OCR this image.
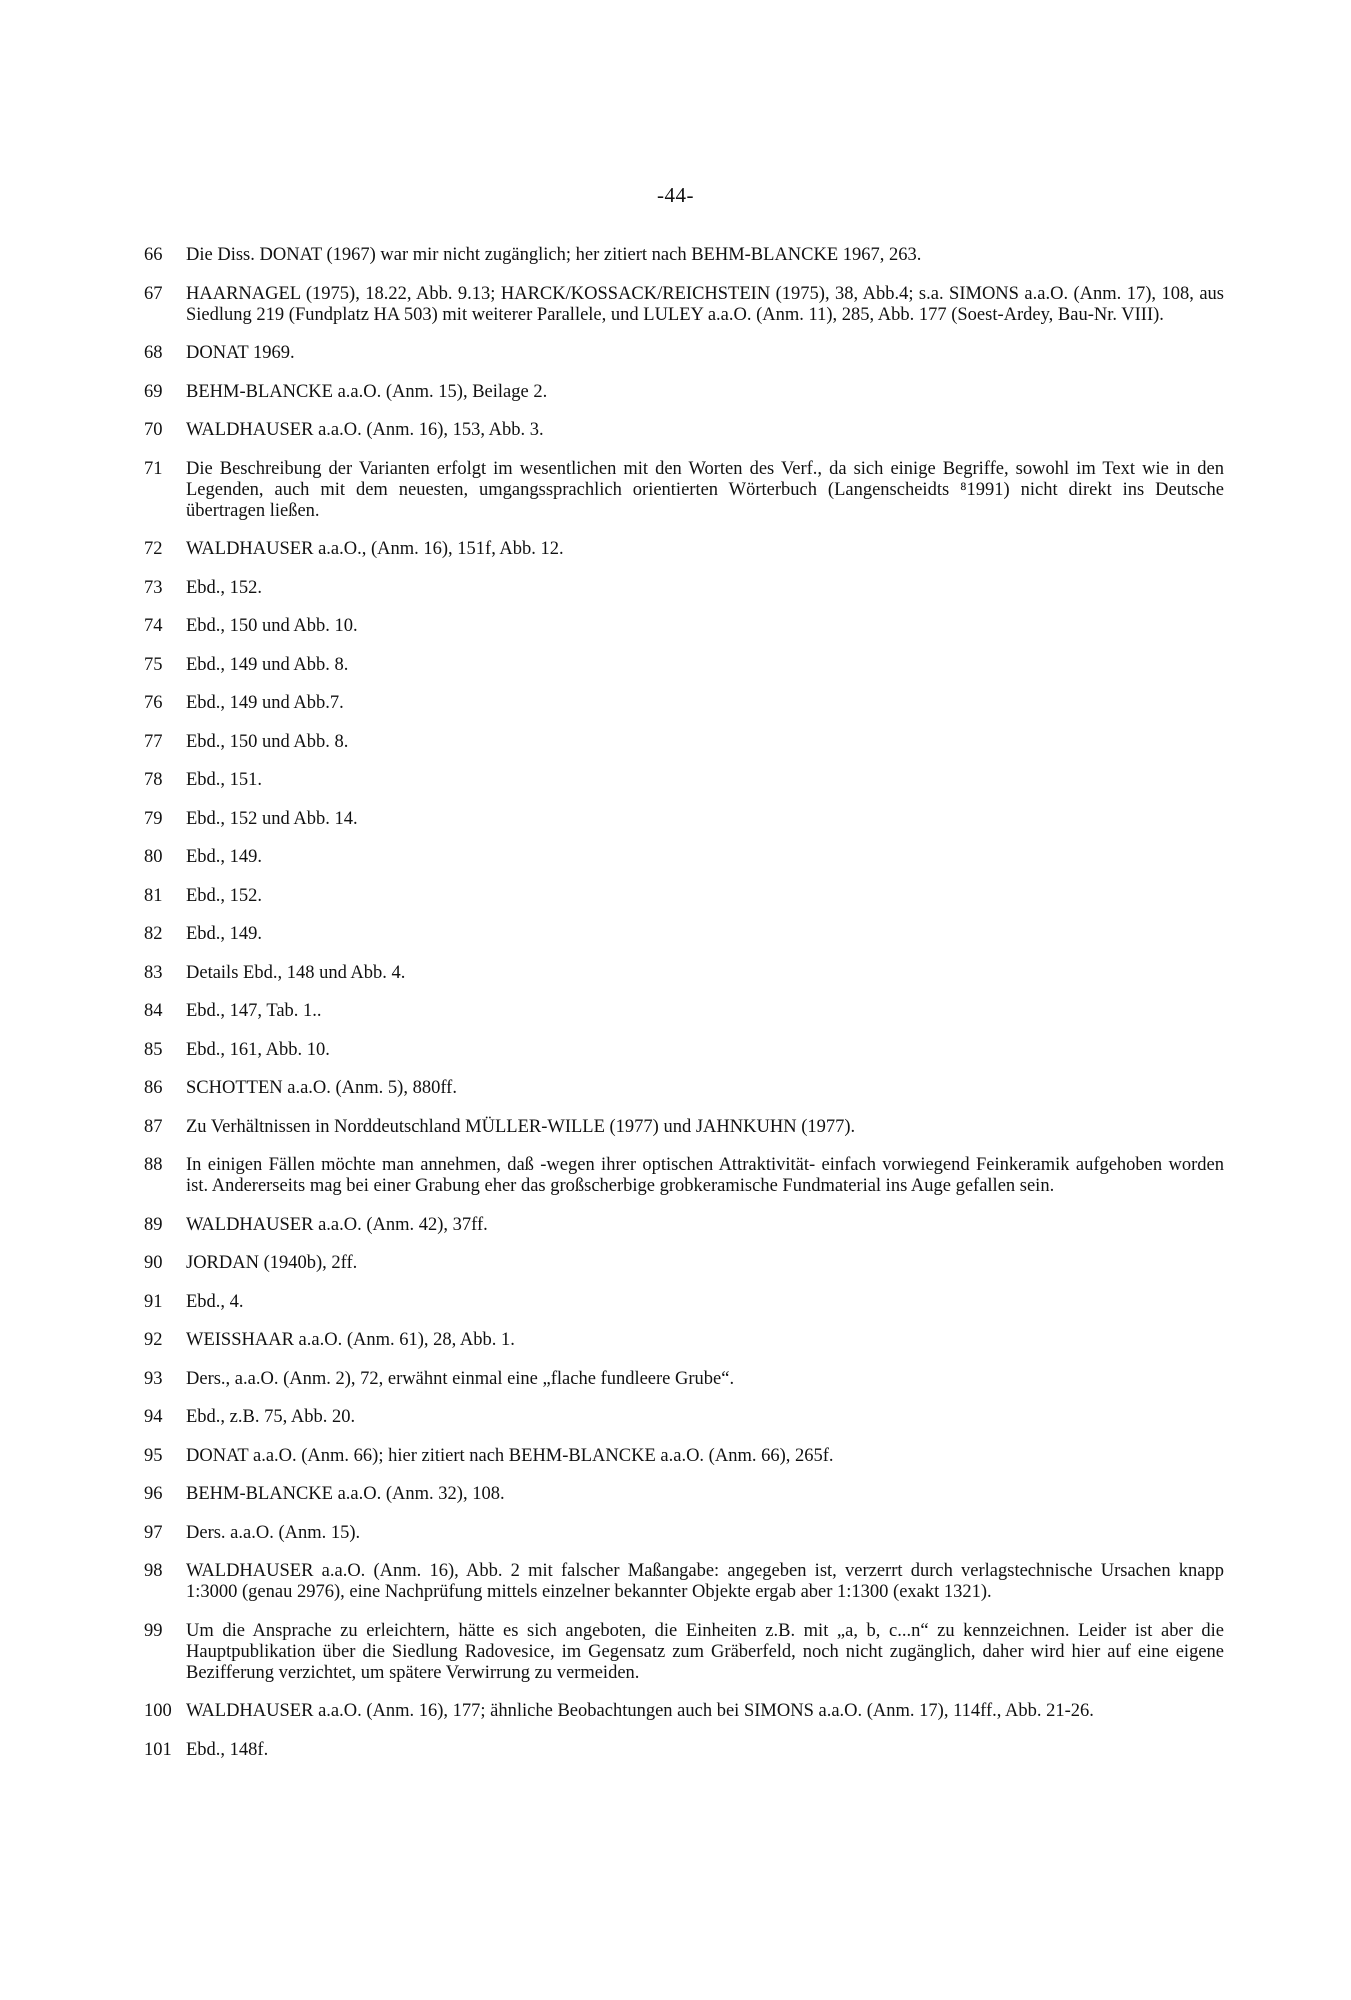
-44-
66 Die Diss. DONAT (1967) war mir nicht zugänglich; her zitiert nach BEHM-BLANCKE 1967, 263.
67 HAARNAGEL (1975), 18.22, Abb. 9.13; HARCK/KOSSACK/REICHSTEIN (1975), 38, Abb.4; s.a. SIMONS a.a.O. (Anm. 17), 108, aus Siedlung 219 (Fundplatz HA 503) mit weiterer Parallele, und LULEY a.a.O. (Anm. 11), 285, Abb. 177 (Soest-Ardey, Bau-Nr. VIII).
68 DONAT 1969.
69 BEHM-BLANCKE a.a.O. (Anm. 15), Beilage 2.
70 WALDHAUSER a.a.O. (Anm. 16), 153, Abb. 3.
71 Die Beschreibung der Varianten erfolgt im wesentlichen mit den Worten des Verf., da sich einige Begriffe, sowohl im Text wie in den Legenden, auch mit dem neuesten, umgangssprachlich orientierten Wörterbuch (Langenscheidts ⁸1991) nicht direkt ins Deutsche übertragen ließen.
72 WALDHAUSER a.a.O., (Anm. 16), 151f, Abb. 12.
73 Ebd., 152.
74 Ebd., 150 und Abb. 10.
75 Ebd., 149 und Abb. 8.
76 Ebd., 149 und Abb.7.
77 Ebd., 150 und Abb. 8.
78 Ebd., 151.
79 Ebd., 152 und Abb. 14.
80 Ebd., 149.
81 Ebd., 152.
82 Ebd., 149.
83 Details Ebd., 148 und Abb. 4.
84 Ebd., 147, Tab. 1..
85 Ebd., 161, Abb. 10.
86 SCHOTTEN a.a.O. (Anm. 5), 880ff.
87 Zu Verhältnissen in Norddeutschland MÜLLER-WILLE (1977) und JAHNKUHN (1977).
88 In einigen Fällen möchte man annehmen, daß -wegen ihrer optischen Attraktivität- einfach vorwiegend Feinkeramik aufgehoben worden ist. Andererseits mag bei einer Grabung eher das großscherbige grobkeramische Fundmaterial ins Auge gefallen sein.
89 WALDHAUSER a.a.O. (Anm. 42), 37ff.
90 JORDAN (1940b), 2ff.
91 Ebd., 4.
92 WEISSHAAR a.a.O. (Anm. 61), 28, Abb. 1.
93 Ders., a.a.O. (Anm. 2), 72, erwähnt einmal eine „flache fundleere Grube“.
94 Ebd., z.B. 75, Abb. 20.
95 DONAT a.a.O. (Anm. 66); hier zitiert nach BEHM-BLANCKE a.a.O. (Anm. 66), 265f.
96 BEHM-BLANCKE a.a.O. (Anm. 32), 108.
97 Ders. a.a.O. (Anm. 15).
98 WALDHAUSER a.a.O. (Anm. 16), Abb. 2 mit falscher Maßangabe: angegeben ist, verzerrt durch verlagstechnische Ursachen knapp 1:3000 (genau 2976), eine Nachprüfung mittels einzelner bekannter Objekte ergab aber 1:1300 (exakt 1321).
99 Um die Ansprache zu erleichtern, hätte es sich angeboten, die Einheiten z.B. mit „a, b, c...n“ zu kennzeichnen. Leider ist aber die Hauptpublikation über die Siedlung Radovesice, im Gegensatz zum Gräberfeld, noch nicht zugänglich, daher wird hier auf eine eigene Bezifferung verzichtet, um spätere Verwirrung zu vermeiden.
100 WALDHAUSER a.a.O. (Anm. 16), 177; ähnliche Beobachtungen auch bei SIMONS a.a.O. (Anm. 17), 114ff., Abb. 21-26.
101 Ebd., 148f.
